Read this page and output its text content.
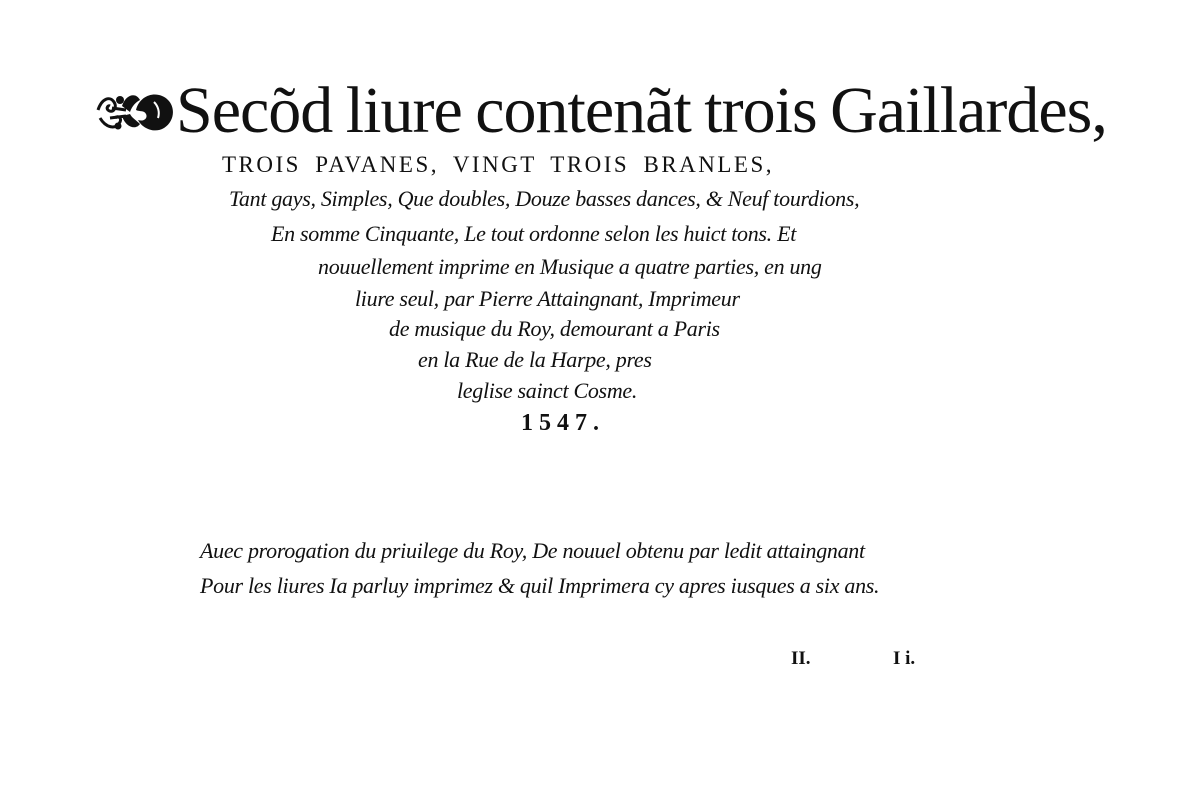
Secõd liure contenãt trois Gaillardes,
TROIS PAVANES, VINGT TROIS BRANLES,
Tant gays, Simples, Que doubles, Douze basses dances, & Neuf tourdions,
En somme Cinquante, Le tout ordonne selon les huict tons. Et
nouuellement imprime en Musique a quatre parties, en ung
liure seul, par Pierre Attaingnant, Imprimeur
de musique du Roy, demourant a Paris
en la Rue de la Harpe, pres
leglise sainct Cosme.
1547.
Auec prorogation du priuilege du Roy, De nouuel obtenu par ledit attaingnant
Pour les liures Ia parluy imprimez & quil Imprimera cy apres iusques a six ans.
II.	I i.
